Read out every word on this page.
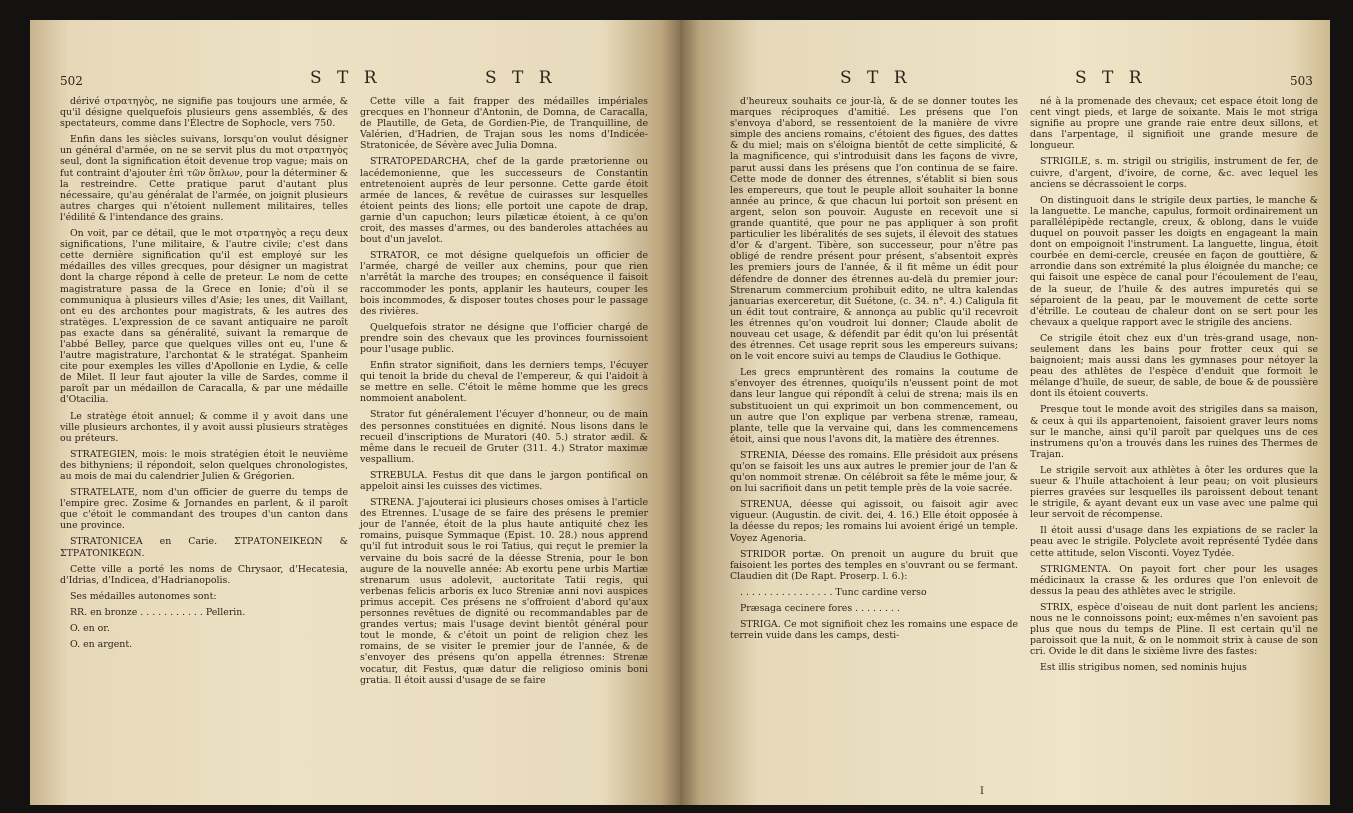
502	S T R	S T R

dérivé στρατηγὸς, ne signifie pas toujours une armée, & qu'il désigne quelquefois plusieurs gens assemblés, & des spectateurs, comme dans l'Électre de Sophocle, vers 750.

Enfin dans les siècles suivans, lorsqu'on voulut désigner un général d'armée, on ne se servit plus du mot στρατηγὸς seul, dont la signification étoit devenue trop vague; mais on fut contraint d'ajouter ἐπὶ τῶν ὅπλων, pour la déterminer & la restreindre. Cette pratique parut d'autant plus nécessaire, qu'au généralat de l'armée, on joignit plusieurs autres charges qui n'étoient nullement militaires, telles l'édilité & l'intendance des grains.

On voit, par ce détail, que le mot στρατηγὸς a reçu deux significations, l'une militaire, & l'autre civile; c'est dans cette dernière signification qu'il est employé sur les médailles des villes grecques, pour désigner un magistrat dont la charge répond à celle de preteur. Le nom de cette magistrature passa de la Grece en Ionie; d'où il se communiqua à plusieurs villes d'Asie; les unes, dit Vaillant, ont eu des archontes pour magistrats, & les autres des stratèges. L'expression de ce savant antiquaire ne paroît pas exacte dans sa généralité, suivant la remarque de l'abbé Belley, parce que quelques villes ont eu, l'une & l'autre magistrature, l'archontat & le stratégat. Spanheim cite pour exemples les villes d'Apollonie en Lydie, & celle de Milet. Il leur faut ajouter la ville de Sardes, comme il paroît par un médaillon de Caracalla, & par une médaille d'Otacilia.

Le stratège étoit annuel; & comme il y avoit dans une ville plusieurs archontes, il y avoit aussi plusieurs stratèges ou préteurs.

STRATEGIEN, mois: le mois stratégien étoit le neuvième des bithyniens; il répondoit, selon quelques chronologistes, au mois de mai du calendrier Julien & Grégorien.

STRATELATE, nom d'un officier de guerre du temps de l'empire grec. Zosime & Jornandes en parlent, & il paroît que c'étoit le commandant des troupes d'un canton dans une province.

STRATONICEA en Carie. ΣΤΡΑΤΟΝΕΙΚΕΩΝ & ΣΤΡΑΤΟΝΙΚΕΩΝ.

Cette ville a porté les noms de Chrysaor, d'Hecatesia, d'Idrias, d'Indicea, d'Hadrianopolis.

Ses médailles autonomes sont:

RR. en bronze . . . . . . . . . . . Pellerin.

O. en or.

O. en argent.

Cette ville a fait frapper des médailles impériales grecques en l'honneur d'Antonin, de Domna, de Caracalla, de Plautille, de Geta, de Gordien-Pie, de Tranquilline, de Valérien, d'Hadrien, de Trajan sous les noms d'Indicée-Stratonicée, de Sévère avec Julia Domna.

STRATOPEDARCHA, chef de la garde prætorienne ou lacédemonienne, que les successeurs de Constantin entretenoient auprès de leur personne. Cette garde étoit armée de lances, & revêtue de cuirasses sur lesquelles étoient peints des lions; elle portoit une capote de drap, garnie d'un capuchon; leurs pilæticæ étoient, à ce qu'on croit, des masses d'armes, ou des banderoles attachées au bout d'un javelot.

STRATOR, ce mot désigne quelquefois un officier de l'armée, chargé de veiller aux chemins, pour que rien n'arrêtât la marche des troupes; en conséquence il faisoit raccommoder les ponts, applanir les hauteurs, couper les bois incommodes, & disposer toutes choses pour le passage des rivières.

Quelquefois strator ne désigne que l'officier chargé de prendre soin des chevaux que les provinces fournissoient pour l'usage public.

Enfin strator signifioit, dans les derniers temps, l'écuyer qui tenoit la bride du cheval de l'empereur, & qui l'aidoit à se mettre en selle. C'étoit le même homme que les grecs nommoient anabolent.

Strator fut généralement l'écuyer d'honneur, ou de main des personnes constituées en dignité. Nous lisons dans le recueil d'inscriptions de Muratori (40. 5.) strator ædil. & même dans le recueil de Gruter (311. 4.) Strator maximæ vespallium.

STREBULA. Festus dit que dans le jargon pontifical on appeloit ainsi les cuisses des victimes.

STRENA. J'ajouterai ici plusieurs choses omises à l'article des Etrennes. L'usage de se faire des présens le premier jour de l'année, étoit de la plus haute antiquité chez les romains, puisque Symmaque (Epist. 10. 28.) nous apprend qu'il fut introduit sous le roi Tatius, qui reçut le premier la vervaine du bois sacré de la déesse Strenia, pour le bon augure de la nouvelle année: Ab exortu pene urbis Martiæ strenarum usus adolevit, auctoritate Tatii regis, qui verbenas felicis arboris ex luco Streniæ anni novi auspices primus accepit. Ces présens ne s'offroient d'abord qu'aux personnes revêtues de dignité ou recommandables par de grandes vertus; mais l'usage devint bientôt général pour tout le monde, & c'étoit un point de religion chez les romains, de se visiter le premier jour de l'année, & de s'envoyer des présens qu'on appella étrennes: Strenæ vocatur, dit Festus, quæ datur die religioso ominis boni gratia. Il étoit aussi d'usage de se faire

S T R	S T R	503

d'heureux souhaits ce jour-là, & de se donner toutes les marques réciproques d'amitié. Les présens que l'on s'envoya d'abord, se ressentoient de la manière de vivre simple des anciens romains, c'étoient des figues, des dattes & du miel; mais on s'éloigna bientôt de cette simplicité, & la magnificence, qui s'introduisit dans les façons de vivre, parut aussi dans les présens que l'on continua de se faire. Cette mode de donner des étrennes, s'établit si bien sous les empereurs, que tout le peuple alloit souhaiter la bonne année au prince, & que chacun lui portoit son présent en argent, selon son pouvoir. Auguste en recevoit une si grande quantité, que pour ne pas appliquer à son profit particulier les libéralités de ses sujets, il élevoit des statues d'or & d'argent. Tibère, son successeur, pour n'être pas obligé de rendre présent pour présent, s'absentoit exprès les premiers jours de l'année, & il fit même un édit pour défendre de donner des étrennes au-delà du premier jour: Strenarum commercium prohibuit edito, ne ultra kalendas januarias exerceretur, dit Suétone, (c. 34. n°. 4.) Caligula fit un édit tout contraire, & annonça au public qu'il recevroit les étrennes qu'on voudroit lui donner; Claude abolit de nouveau cet usage, & défendit par édit qu'on lui présentât des étrennes. Cet usage reprit sous les empereurs suivans; on le voit encore suivi au temps de Claudius le Gothique.

Les grecs empruntèrent des romains la coutume de s'envoyer des étrennes, quoiqu'ils n'eussent point de mot dans leur langue qui répondît à celui de strena; mais ils en substituoient un qui exprimoit un bon commencement, ou un autre que l'on explique par verbena strenæ, rameau, plante, telle que la vervaine qui, dans les commencemens étoit, ainsi que nous l'avons dit, la matière des étrennes.

STRENIA, Déesse des romains. Elle présidoit aux présens qu'on se faisoit les uns aux autres le premier jour de l'an & qu'on nommoit strenæ. On célébroit sa fête le même jour, & on lui sacrifioit dans un petit temple près de la voie sacrée.

STRENUA, déesse qui agissoit, ou faisoit agir avec vigueur. (Augustin. de civit. dei, 4. 16.) Elle étoit opposée à la déesse du repos; les romains lui avoient érigé un temple. Voyez Agenoria.

STRIDOR portæ. On prenoit un augure du bruit que faisoient les portes des temples en s'ouvrant ou se fermant. Claudien dit (De Rapt. Proserp. l. 6.):

. . . . . . . . . . . . . . . . Tunc cardine verso

Præsaga cecinere fores . . . . . . . .

STRIGA. Ce mot signifioit chez les romains une espace de terrein vuide dans les camps, desti-

né à la promenade des chevaux; cet espace étoit long de cent vingt pieds, et large de soixante. Mais le mot striga signifie au propre une grande raie entre deux sillons, et dans l'arpentage, il signifioit une grande mesure de longueur.

STRIGILE, s. m. strigil ou strigilis, instrument de fer, de cuivre, d'argent, d'ivoire, de corne, &c. avec lequel les anciens se décrassoient le corps.

On distinguoit dans le strigile deux parties, le manche & la languette. Le manche, capulus, formoit ordinairement un parallélépipède rectangle, creux, & oblong, dans le vuide duquel on pouvoit passer les doigts en engageant la main dont on empoignoit l'instrument. La languette, lingua, étoit courbée en demi-cercle, creusée en façon de gouttière, & arrondie dans son extrémité la plus éloignée du manche; ce qui faisoit une espèce de canal pour l'écoulement de l'eau, de la sueur, de l'huile & des autres impuretés qui se séparoient de la peau, par le mouvement de cette sorte d'étrille. Le couteau de chaleur dont on se sert pour les chevaux a quelque rapport avec le strigile des anciens.

Ce strigile étoit chez eux d'un très-grand usage, non-seulement dans les bains pour frotter ceux qui se baignoient; mais aussi dans les gymnases pour nétoyer la peau des athlètes de l'espèce d'enduit que formoit le mélange d'huile, de sueur, de sable, de boue & de poussière dont ils étoient couverts.

Presque tout le monde avoit des strigiles dans sa maison, & ceux à qui ils appartenoient, faisoient graver leurs noms sur le manche, ainsi qu'il paroît par quelques uns de ces instrumens qu'on a trouvés dans les ruines des Thermes de Trajan.

Le strigile servoit aux athlètes à ôter les ordures que la sueur & l'huile attachoient à leur peau; on voit plusieurs pierres gravées sur lesquelles ils paroissent debout tenant le strigile, & ayant devant eux un vase avec une palme qui leur servoit de récompense.

Il étoit aussi d'usage dans les expiations de se racler la peau avec le strigile. Polyclete avoit représenté Tydée dans cette attitude, selon Visconti. Voyez Tydée.

STRIGMENTA. On payoit fort cher pour les usages médicinaux la crasse & les ordures que l'on enlevoit de dessus la peau des athlètes avec le strigile.

STRIX, espèce d'oiseau de nuit dont parlent les anciens; nous ne le connoissons point; eux-mêmes n'en savoient pas plus que nous du temps de Pline. Il est certain qu'il ne paroissoit que la nuit, & on le nommoit strix à cause de son cri. Ovide le dit dans le sixième livre des fastes:

Est illis strigibus nomen, sed nominis hujus

I
